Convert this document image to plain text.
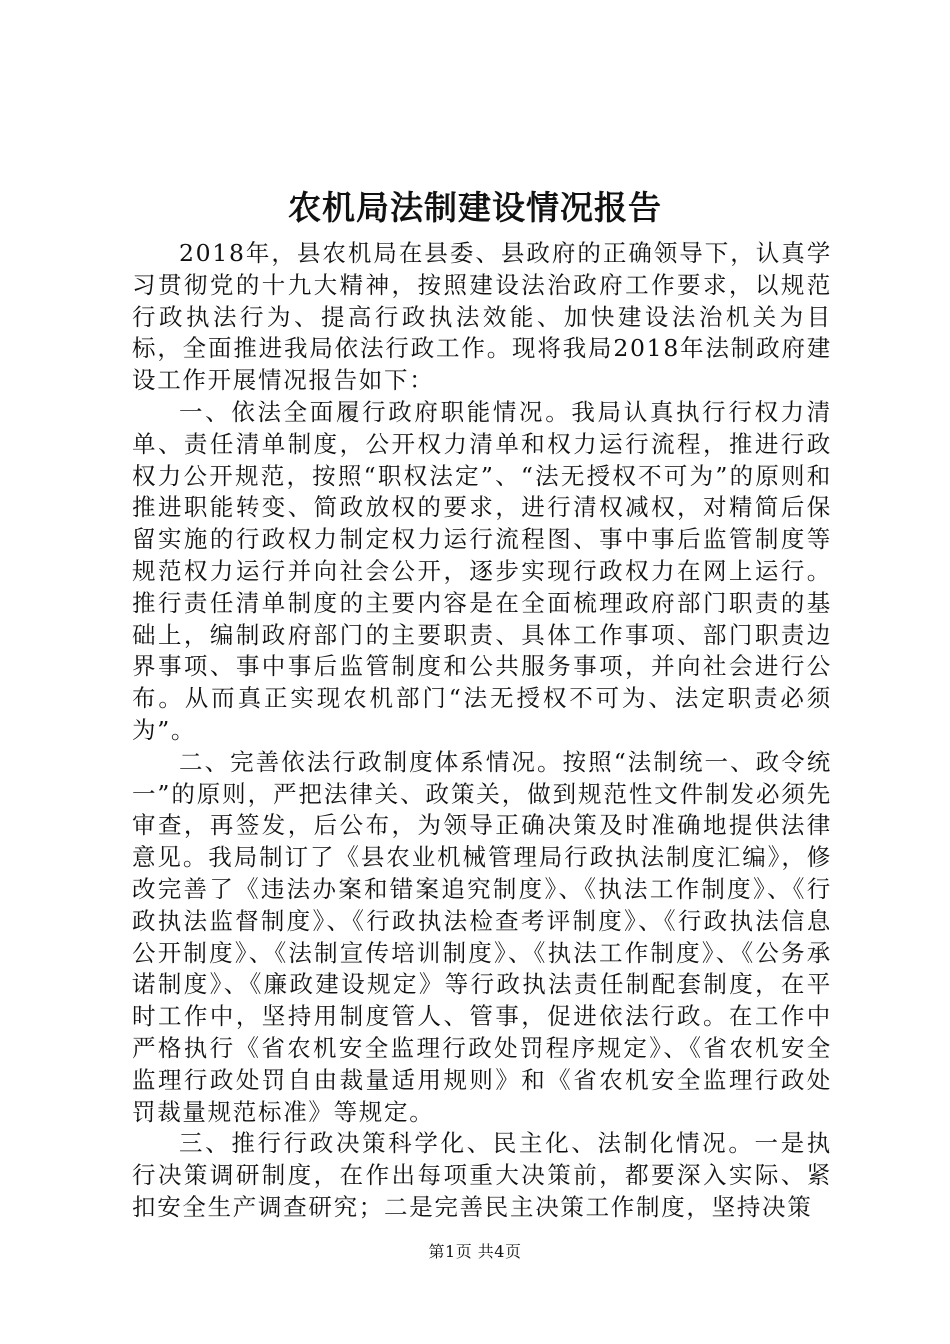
农机局法制建设情况报告

2018年，县农机局在县委、县政府的正确领导下，认真学习贯彻党的十九大精神，按照建设法治政府工作要求，以规范行政执法行为、提高行政执法效能、加快建设法治机关为目标，全面推进我局依法行政工作。现将我局2018年法制政府建设工作开展情况报告如下：

一、依法全面履行政府职能情况。我局认真执行行权力清单、责任清单制度，公开权力清单和权力运行流程，推进行政权力公开规范，按照“职权法定”、“法无授权不可为”的原则和推进职能转变、简政放权的要求，进行清权减权，对精简后保留实施的行政权力制定权力运行流程图、事中事后监管制度等规范权力运行并向社会公开，逐步实现行政权力在网上运行。推行责任清单制度的主要内容是在全面梳理政府部门职责的基础上，编制政府部门的主要职责、具体工作事项、部门职责边界事项、事中事后监管制度和公共服务事项，并向社会进行公布。从而真正实现农机部门“法无授权不可为、法定职责必须为”。

二、完善依法行政制度体系情况。按照“法制统一、政令统一”的原则，严把法律关、政策关，做到规范性文件制发必须先审查，再签发，后公布，为领导正确决策及时准确地提供法律意见。我局制订了《县农业机械管理局行政执法制度汇编》，修改完善了《违法办案和错案追究制度》、《执法工作制度》、《行政执法监督制度》、《行政执法检查考评制度》、《行政执法信息公开制度》、《法制宣传培训制度》、《执法工作制度》、《公务承诺制度》、《廉政建设规定》等行政执法责任制配套制度，在平时工作中，坚持用制度管人、管事，促进依法行政。在工作中严格执行《省农机安全监理行政处罚程序规定》、《省农机安全监理行政处罚自由裁量适用规则》和《省农机安全监理行政处罚裁量规范标准》等规定。

三、推行行政决策科学化、民主化、法制化情况。一是执行决策调研制度，在作出每项重大决策前，都要深入实际、紧扣安全生产调查研究；二是完善民主决策工作制度，坚持决策

第1页 共4页
